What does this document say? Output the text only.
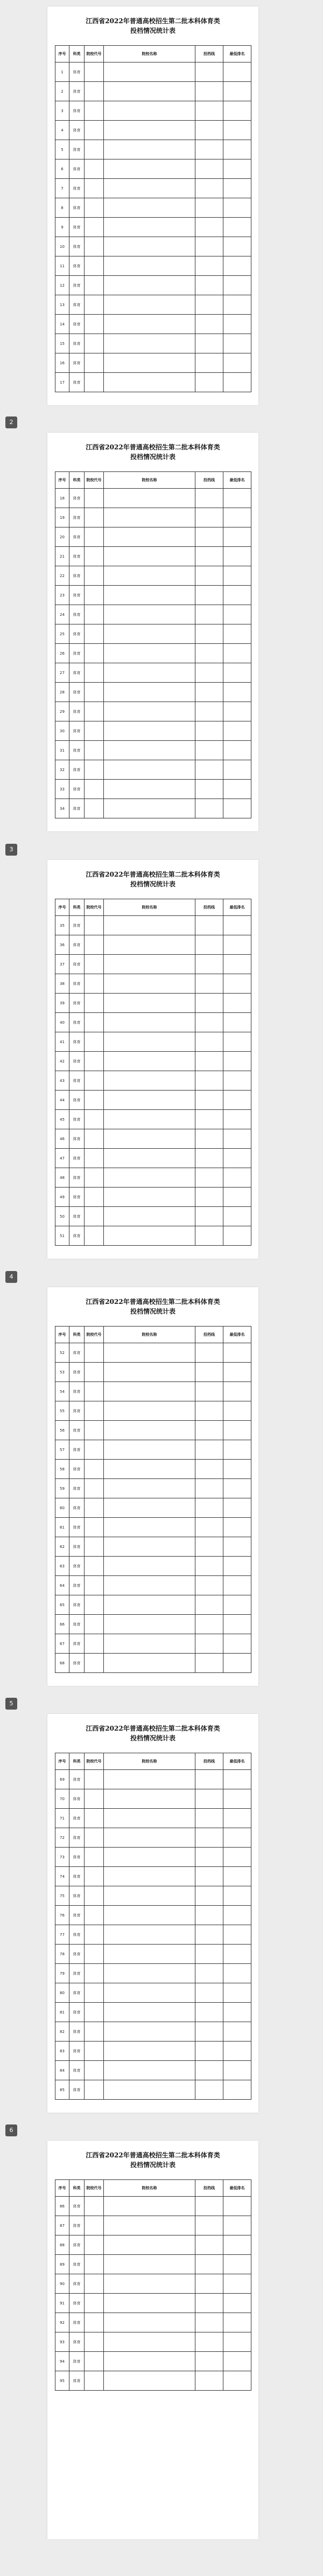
江西省2022年普通高校招生第二批本科体育类
投档情况统计表
序号	科类	院校代号	院校名称	投档线	最低排名
1	体育				
2	体育				
3	体育				
4	体育				
5	体育				
6	体育				
7	体育				
8	体育				
9	体育				
10	体育				
11	体育				
12	体育				
13	体育				
14	体育				
15	体育				
16	体育				
17	体育				
江西省2022年普通高校招生第二批本科体育类
投档情况统计表
序号	科类	院校代号	院校名称	投档线	最低排名
18	体育				
19	体育				
20	体育				
21	体育				
22	体育				
23	体育				
24	体育				
25	体育				
26	体育				
27	体育				
28	体育				
29	体育				
30	体育				
31	体育				
32	体育				
33	体育				
34	体育				
2
江西省2022年普通高校招生第二批本科体育类
投档情况统计表
序号	科类	院校代号	院校名称	投档线	最低排名
35	体育				
36	体育				
37	体育				
38	体育				
39	体育				
40	体育				
41	体育				
42	体育				
43	体育				
44	体育				
45	体育				
46	体育				
47	体育				
48	体育				
49	体育				
50	体育				
51	体育				
3
江西省2022年普通高校招生第二批本科体育类
投档情况统计表
序号	科类	院校代号	院校名称	投档线	最低排名
52	体育				
53	体育				
54	体育				
55	体育				
56	体育				
57	体育				
58	体育				
59	体育				
60	体育				
61	体育				
62	体育				
63	体育				
64	体育				
65	体育				
66	体育				
67	体育				
68	体育				
4
江西省2022年普通高校招生第二批本科体育类
投档情况统计表
序号	科类	院校代号	院校名称	投档线	最低排名
69	体育				
70	体育				
71	体育				
72	体育				
73	体育				
74	体育				
75	体育				
76	体育				
77	体育				
78	体育				
79	体育				
80	体育				
81	体育				
82	体育				
83	体育				
84	体育				
85	体育				
5
江西省2022年普通高校招生第二批本科体育类
投档情况统计表
序号	科类	院校代号	院校名称	投档线	最低排名
86	体育				
87	体育				
88	体育				
89	体育				
90	体育				
91	体育				
92	体育				
93	体育				
94	体育				
95	体育				
6
